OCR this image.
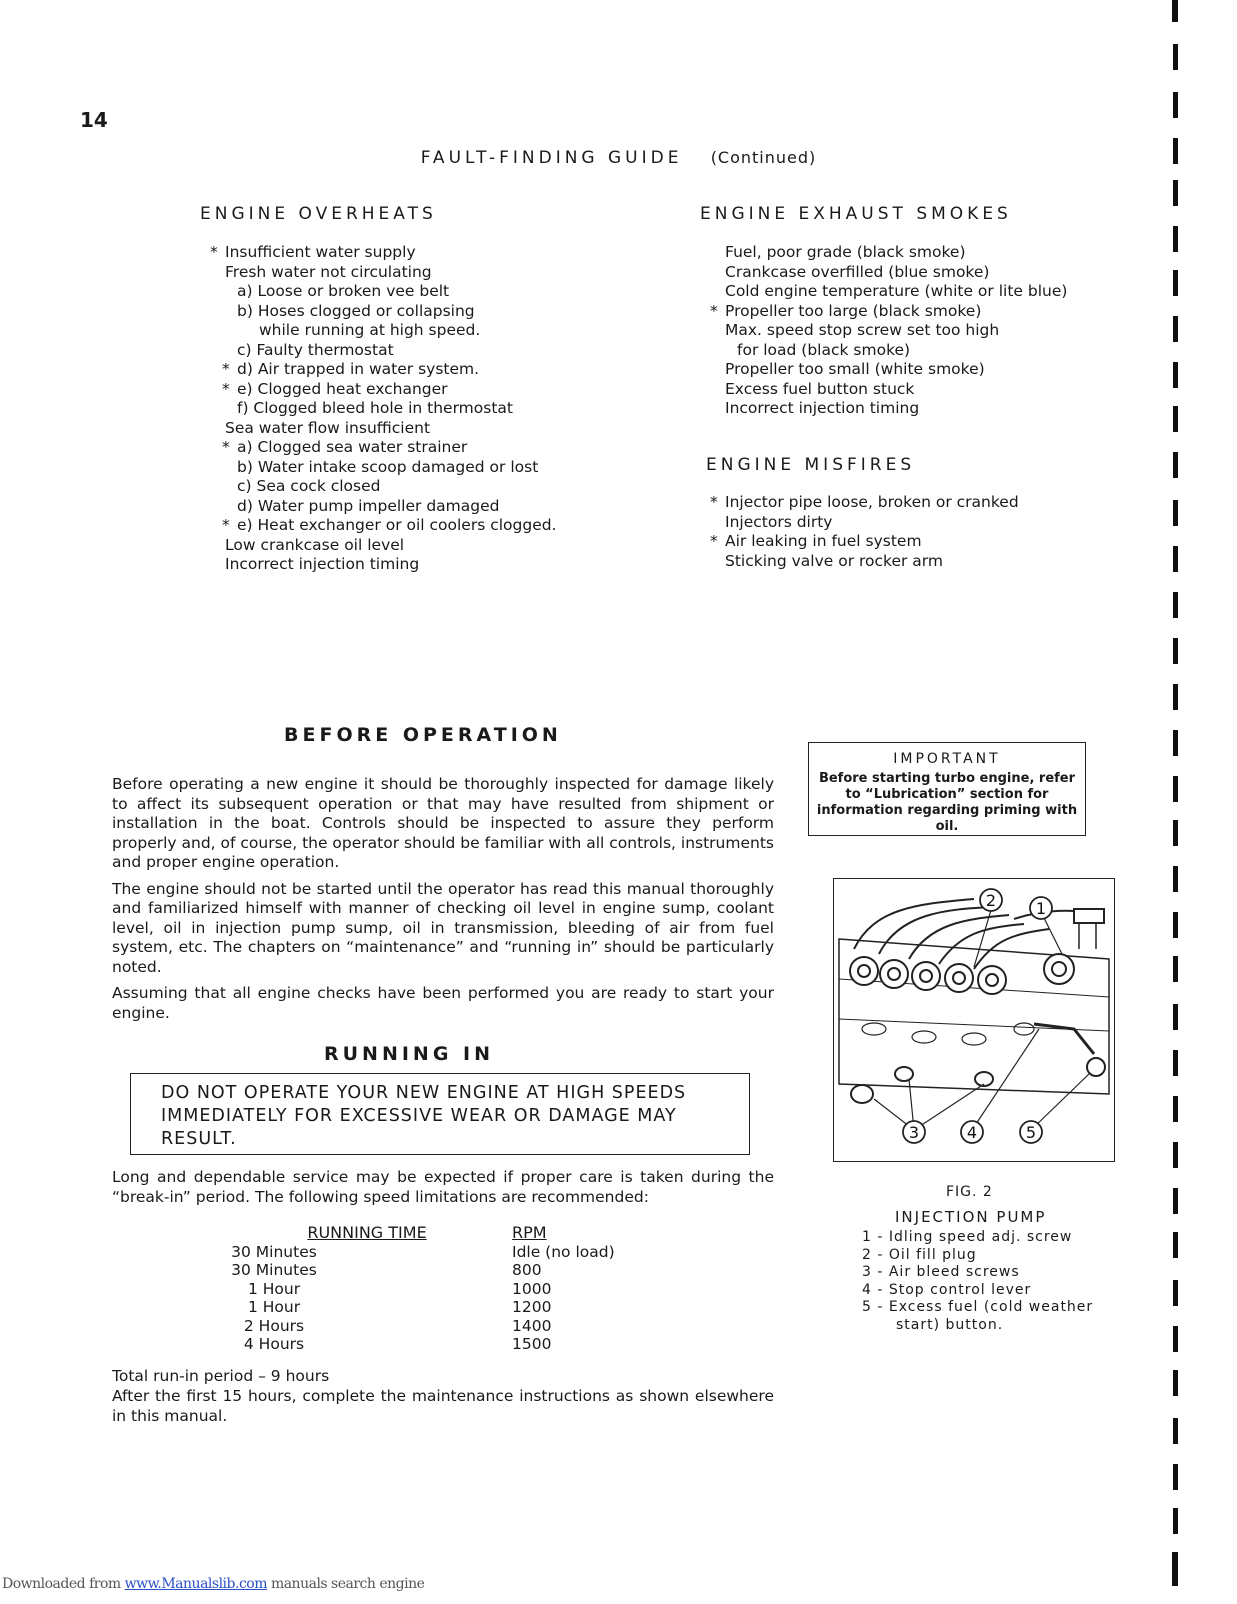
14
FAULT-FINDING GUIDE (Continued)
ENGINE OVERHEATS
* Insufficient water supply
Fresh water not circulating
a) Loose or broken vee belt
b) Hoses clogged or collapsing
while running at high speed.
c) Faulty thermostat
* d) Air trapped in water system.
* e) Clogged heat exchanger
f) Clogged bleed hole in thermostat
Sea water flow insufficient
* a) Clogged sea water strainer
b) Water intake scoop damaged or lost
c) Sea cock closed
d) Water pump impeller damaged
* e) Heat exchanger or oil coolers clogged.
Low crankcase oil level
Incorrect injection timing
ENGINE EXHAUST SMOKES
Fuel, poor grade (black smoke)
Crankcase overfilled (blue smoke)
Cold engine temperature (white or lite blue)
* Propeller too large (black smoke)
Max. speed stop screw set too high
for load (black smoke)
Propeller too small (white smoke)
Excess fuel button stuck
Incorrect injection timing
ENGINE MISFIRES
* Injector pipe loose, broken or cranked
Injectors dirty
* Air leaking in fuel system
Sticking valve or rocker arm
BEFORE OPERATION

Before operating a new engine it should be thoroughly inspected for damage likely to affect its subsequent operation or that may have resulted from shipment or installation in the boat. Controls should be inspected to assure they perform properly and, of course, the operator should be familiar with all controls, instruments and proper engine operation.

The engine should not be started until the operator has read this manual thoroughly and familiarized himself with manner of checking oil level in engine sump, coolant level, oil in injection pump sump, oil in transmission, bleeding of air from fuel system, etc. The chapters on “maintenance” and “running in” should be particularly noted.

Assuming that all engine checks have been performed you are ready to start your engine.

IMPORTANT
Before starting turbo engine, refer to “Lubrication” section for information regarding priming with oil.
2 1
3	4	5
FIG. 2
INJECTION PUMP
1 - Idling speed adj. screw
2 - Oil fill plug
3 - Air bleed screws
4 - Stop control lever
5 - Excess fuel (cold weather
start) button.
RUNNING IN
DO NOT OPERATE YOUR NEW ENGINE AT HIGH SPEEDS IMMEDIATELY FOR EXCESSIVE WEAR OR DAMAGE MAY RESULT.
Long and dependable service may be expected if proper care is taken during the “break-in” period. The following speed limitations are recommended:
RUNNING TIME	RPM
30 Minutes	Idle (no load)
30 Minutes	800
1 Hour	1000
1 Hour	1200
2 Hours	1400
4 Hours	1500
Total run-in period – 9 hours
After the first 15 hours, complete the maintenance instructions as shown elsewhere in this manual.
Downloaded from www.Manualslib.com manuals search engine
